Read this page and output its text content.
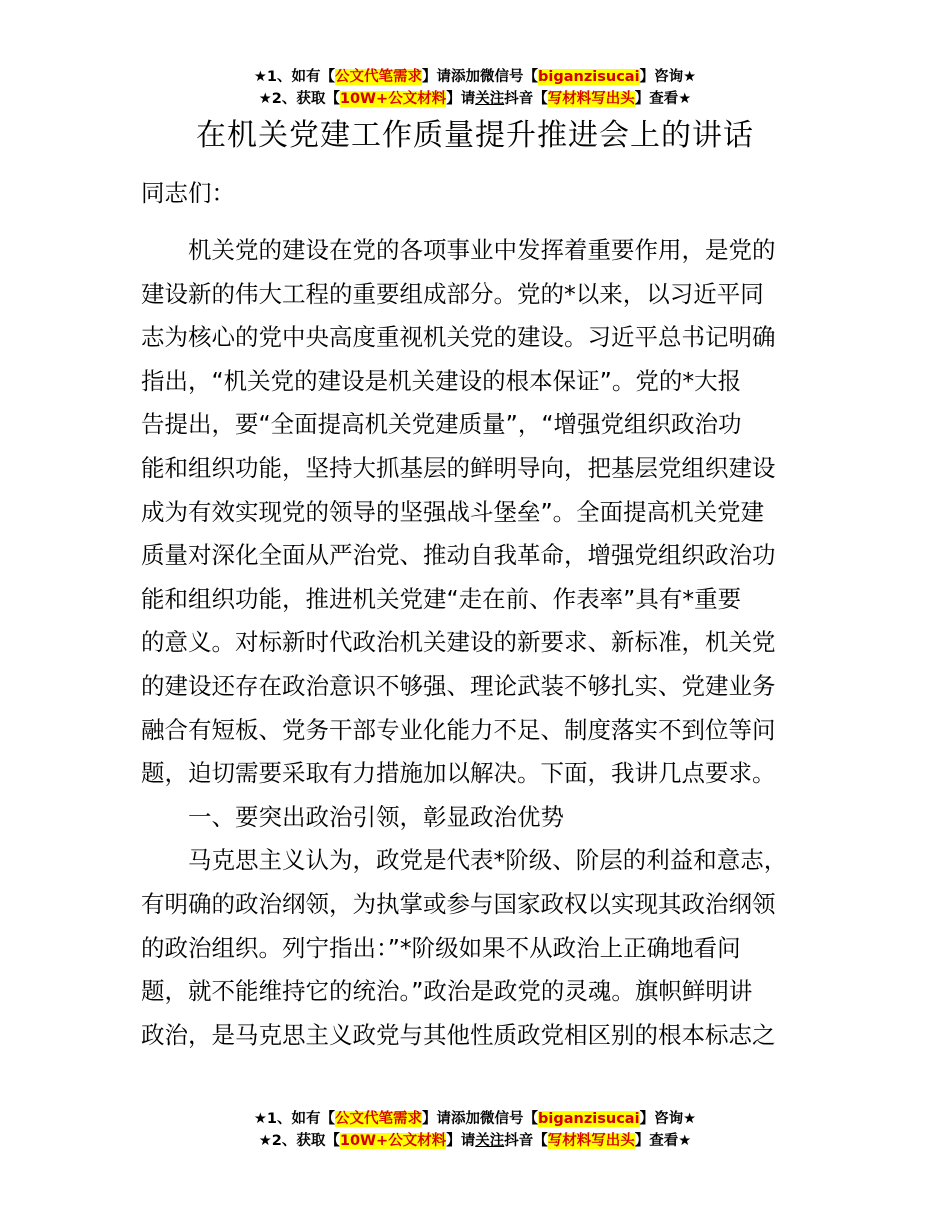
★1、如有【公文代笔需求】请添加微信号【biganzisucai】咨询★
★2、获取【10W+公文材料】请关注抖音【写材料写出头】查看★
在机关党建工作质量提升推进会上的讲话
同志们：
机关党的建设在党的各项事业中发挥着重要作用，是党的
建设新的伟大工程的重要组成部分。党的*以来，以习近平同
志为核心的党中央高度重视机关党的建设。习近平总书记明确
指出，“机关党的建设是机关建设的根本保证”。党的*大报
告提出，要“全面提高机关党建质量”，“增强党组织政治功
能和组织功能，坚持大抓基层的鲜明导向，把基层党组织建设
成为有效实现党的领导的坚强战斗堡垒”。全面提高机关党建
质量对深化全面从严治党、推动自我革命，增强党组织政治功
能和组织功能，推进机关党建“走在前、作表率”具有*重要
的意义。对标新时代政治机关建设的新要求、新标准，机关党
的建设还存在政治意识不够强、理论武装不够扎实、党建业务
融合有短板、党务干部专业化能力不足、制度落实不到位等问
题，迫切需要采取有力措施加以解决。下面，我讲几点要求。
一、要突出政治引领，彰显政治优势
马克思主义认为，政党是代表*阶级、阶层的利益和意志，
有明确的政治纲领，为执掌或参与国家政权以实现其政治纲领
的政治组织。列宁指出：”*阶级如果不从政治上正确地看问
题，就不能维持它的统治。”政治是政党的灵魂。旗帜鲜明讲
政治，是马克思主义政党与其他性质政党相区别的根本标志之
★1、如有【公文代笔需求】请添加微信号【biganzisucai】咨询★
★2、获取【10W+公文材料】请关注抖音【写材料写出头】查看★
